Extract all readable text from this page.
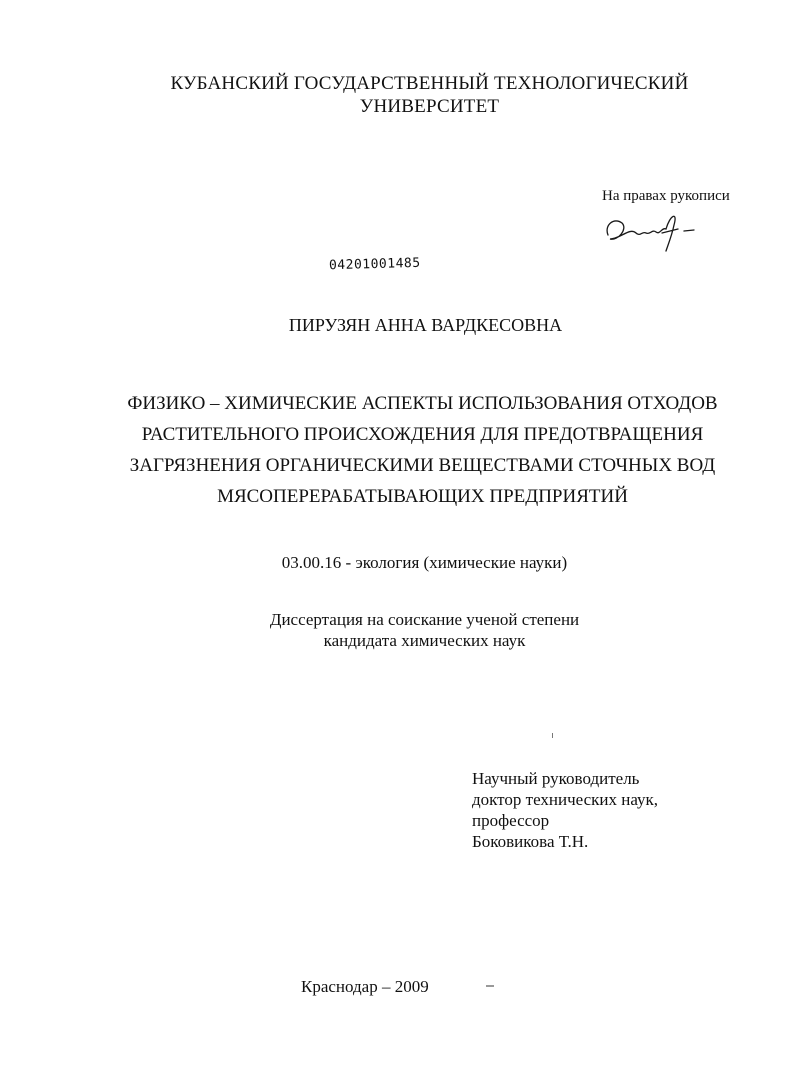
КУБАНСКИЙ ГОСУДАРСТВЕННЫЙ ТЕХНОЛОГИЧЕСКИЙ
УНИВЕРСИТЕТ
На правах рукописи
04201001485
ПИРУЗЯН АННА ВАРДКЕСОВНА
ФИЗИКО – ХИМИЧЕСКИЕ АСПЕКТЫ ИСПОЛЬЗОВАНИЯ ОТХОДОВ
РАСТИТЕЛЬНОГО ПРОИСХОЖДЕНИЯ ДЛЯ ПРЕДОТВРАЩЕНИЯ
ЗАГРЯЗНЕНИЯ ОРГАНИЧЕСКИМИ ВЕЩЕСТВАМИ СТОЧНЫХ ВОД
МЯСОПЕРЕРАБАТЫВАЮЩИХ ПРЕДПРИЯТИЙ
03.00.16 - экология (химические науки)
Диссертация на соискание ученой степени
кандидата химических наук
Научный руководитель
доктор технических наук,
профессор
Боковикова Т.Н.
Краснодар – 2009
